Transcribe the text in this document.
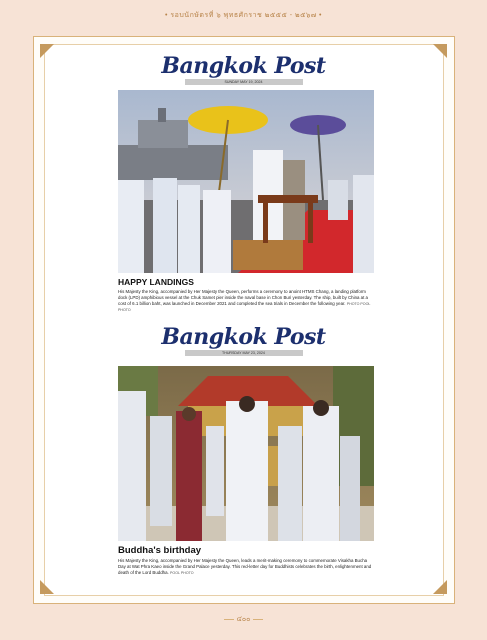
• รอบนักษัตรที่ ๖ พุทธศักราช ๒๕๕๕ - ๒๕๖๗ •
Bangkok Post
SUNDAY MAY 19, 2024
HAPPY LANDINGS
His Majesty the King, accompanied by Her Majesty the Queen, performs a ceremony to anoint HTMS Chang, a landing platform dock (LPD) amphibious vessel at the Chuk Samet pier inside the naval base in Chon Buri yesterday. The ship, built by China at a cost of 6.1 billion baht, was launched in December 2021 and completed the sea trials in December the following year. PHOTO POOL PHOTO
Bangkok Post
THURSDAY MAY 23, 2024
Buddha's birthday
His Majesty the King, accompanied by Her Majesty the Queen, leads a merit-making ceremony to commemorate Visakha Bucha Day at Wat Phra Kaeo inside the Grand Palace yesterday. This red-letter day for Buddhists celebrates the birth, enlightenment and death of the Lord Buddha. POOL PHOTO
๔๐๐
